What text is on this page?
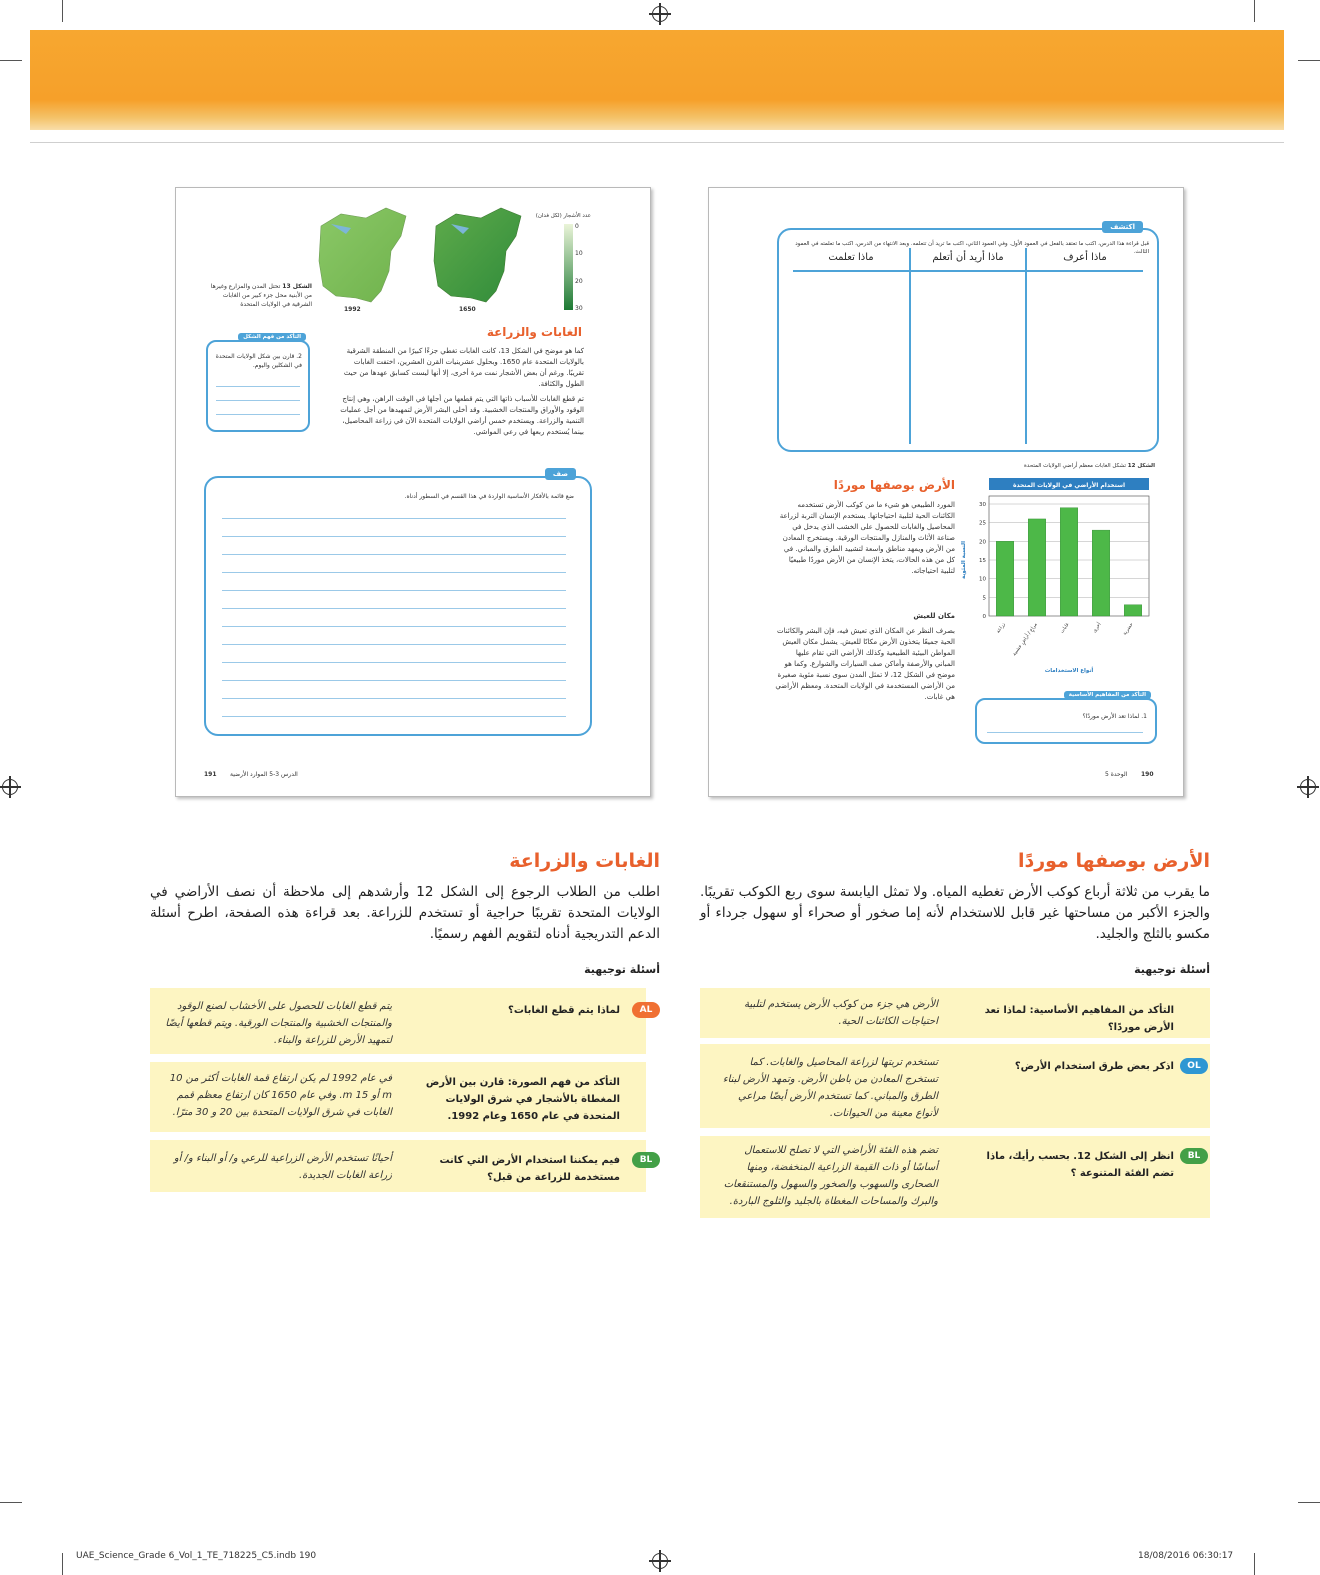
1992	1650
عدد الأشجار (لكل فدان)
0
10
20
30
الشكل 13 تحتل المدن والمزارع وغيرها من الأبنية محل جزء كبير من الغابات الشرقية في الولايات المتحدة
التأكد من فهم الشكل
2. قارن بين شكل الولايات المتحدة في الشكلين واليوم.
الغابات والزراعة
كما هو موضح في الشكل 13، كانت الغابات تغطي جزءًا كبيرًا من المنطقة الشرقية بالولايات المتحدة عام 1650. وبحلول عشرينيات القرن العشرين، اختفت الغابات تقريبًا. ورغم أن بعض الأشجار نمت مرة أخرى، إلا أنها ليست كسابق عهدها من حيث الطول والكثافة.
تم قطع الغابات للأسباب ذاتها التي يتم قطعها من أجلها في الوقت الراهن، وهي إنتاج الوقود والأوراق والمنتجات الخشبية. وقد أخلى البشر الأرض لتمهيدها من أجل عمليات التنمية والزراعة. ويستخدم خمس أراضي الولايات المتحدة الآن في زراعة المحاصيل، بينما يُستخدم ربعها في رعي المواشي.
صف
ضع قائمة بالأفكار الأساسية الواردة في هذا القسم في السطور أدناه.
191 الدرس 3-5 الموارد الأرضية
اكتشف
قبل قراءة هذا الدرس، اكتب ما تعتقد بالفعل في العمود الأول. وفي العمود الثاني، اكتب ما تريد أن تتعلمه. وبعد الانتهاء من الدرس، اكتب ما تعلمته في العمود الثالث.
ماذا أعرف
ماذا أريد أن أتعلم
ماذا تعلمت
الشكل 12 تشكل الغابات معظم أراضي الولايات المتحدة
استخدام الأراضي في الولايات المتحدة
0
5
10
15
20
25
30
زراعة	مراعٍ / أراضٍ عشبية	غابات	أخرى	حضرية
أنواع الاستخدامات
النسبة المئوية
الأرض بوصفها موردًا
المورد الطبيعي هو شيء ما من كوكب الأرض تستخدمه الكائنات الحية لتلبية احتياجاتها. يستخدم الإنسان التربة لزراعة المحاصيل والغابات للحصول على الخشب الذي يدخل في صناعة الأثاث والمنازل والمنتجات الورقية. ويستخرج المعادن من الأرض ويمهد مناطق واسعة لتشييد الطرق والمباني. في كل من هذه الحالات، يتخذ الإنسان من الأرض موردًا طبيعيًا لتلبية احتياجاته.
مكان للعيش
بصرف النظر عن المكان الذي تعيش فيه، فإن البشر والكائنات الحية جميعًا يتخذون الأرض مكانًا للعيش. يشمل مكان العيش المواطن البيئية الطبيعية وكذلك الأراضي التي تقام عليها المباني والأرصفة وأماكن صف السيارات والشوارع. وكما هو موضح في الشكل 12، لا تمثل المدن سوى نسبة مئوية صغيرة من الأراضي المستخدمة في الولايات المتحدة. ومعظم الأراضي هي غابات.	التأكد من المفاهيم الأساسية
1. لماذا تعد الأرض موردًا؟
190
الوحدة 5
الأرض بوصفها موردًا
ما يقرب من ثلاثة أرباع كوكب الأرض تغطيه المياه. ولا تمثل اليابسة سوى ربع الكوكب تقريبًا. والجزء الأكبر من مساحتها غير قابل للاستخدام لأنه إما صخور أو صحراء أو سهول جرداء أو مكسو بالثلج والجليد.
أسئلة توجيهية
التأكد من المفاهيم الأساسية: لماذا تعد الأرض موردًا؟
الأرض هي جزء من كوكب الأرض يستخدم لتلبية احتياجات الكائنات الحية.
OL
اذكر بعض طرق استخدام الأرض؟
تستخدم تربتها لزراعة المحاصيل والغابات. كما تستخرج المعادن من باطن الأرض. وتمهد الأرض لبناء الطرق والمباني. كما تستخدم الأرض أيضًا مراعي لأنواع معينة من الحيوانات.
BL
انظر إلى الشكل 12. بحسب رأيك، ماذا تضم الفئة المتنوعة ؟
تضم هذه الفئة الأراضي التي لا تصلح للاستعمال أساسًا أو ذات القيمة الزراعية المنخفضة، ومنها الصحارى والسهوب والصخور والسهول والمستنقعات والبرك والمساحات المغطاة بالجليد والثلوج الباردة.
الغابات والزراعة
اطلب من الطلاب الرجوع إلى الشكل 12 وأرشدهم إلى ملاحظة أن نصف الأراضي في الولايات المتحدة تقريبًا حراجية أو تستخدم للزراعة. بعد قراءة هذه الصفحة، اطرح أسئلة الدعم التدريجية أدناه لتقويم الفهم رسميًا.
أسئلة توجيهية
AL
لماذا يتم قطع الغابات؟
يتم قطع الغابات للحصول على الأخشاب لصنع الوقود والمنتجات الخشبية والمنتجات الورقية. ويتم قطعها أيضًا لتمهيد الأرض للزراعة والبناء.
التأكد من فهم الصورة: قارن بين الأرض المغطاة بالأشجار في شرق الولايات المتحدة في عام 1650 وعام 1992.
في عام 1992 لم يكن ارتفاع قمة الغابات أكثر من 10 m أو 15 m. وفي عام 1650 كان ارتفاع معظم قمم الغابات في شرق الولايات المتحدة بين 20 و 30 مترًا.
BL
فيم يمكننا استخدام الأرض التي كانت مستخدمة للزراعة من قبل؟
أحيانًا تستخدم الأرض الزراعية للرعي و/ أو البناء و/ أو زراعة الغابات الجديدة.
UAE_Science_Grade 6_Vol_1_TE_718225_C5.indb 190	18/08/2016 06:30:17
